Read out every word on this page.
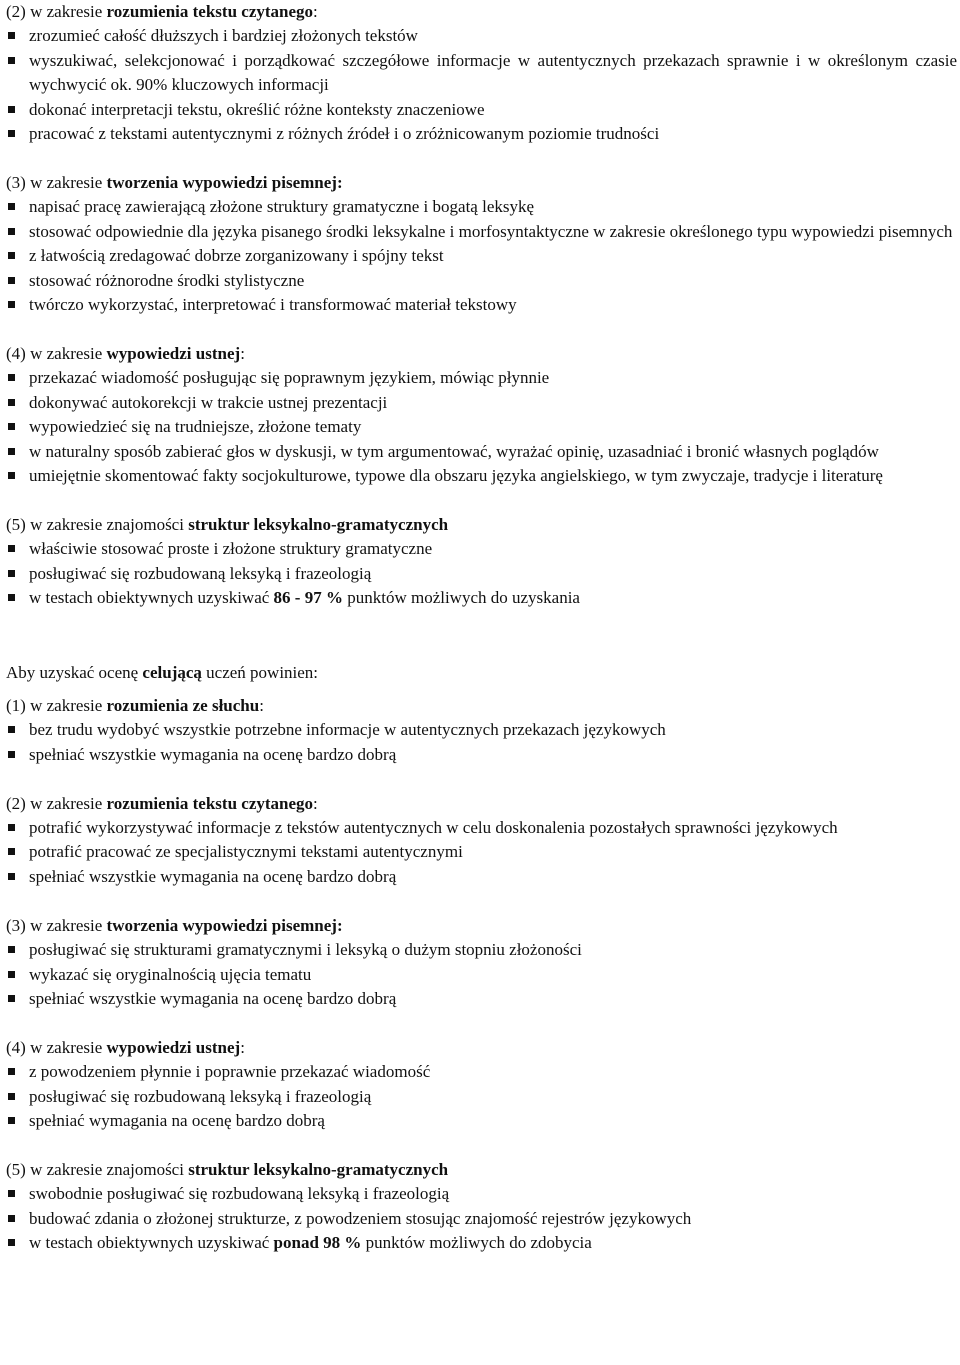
(2) w zakresie rozumienia tekstu czytanego:

zrozumieć całość dłuższych i bardziej złożonych tekstów
wyszukiwać, selekcjonować i porządkować szczegółowe informacje w autentycznych przekazach sprawnie i w określonym czasie wychwycić ok. 90% kluczowych informacji
dokonać interpretacji tekstu, określić różne konteksty znaczeniowe
pracować z tekstami autentycznymi z różnych źródeł i o zróżnicowanym poziomie trudności

(3) w zakresie tworzenia wypowiedzi pisemnej:

napisać pracę zawierającą złożone struktury gramatyczne i bogatą leksykę
stosować odpowiednie dla języka pisanego środki leksykalne i morfosyntaktyczne w zakresie określonego typu wypowiedzi pisemnych
z łatwością zredagować dobrze zorganizowany i spójny tekst
stosować różnorodne środki stylistyczne
twórczo wykorzystać, interpretować i transformować materiał tekstowy

(4) w zakresie wypowiedzi ustnej:

przekazać wiadomość posługując się poprawnym językiem, mówiąc płynnie
dokonywać autokorekcji w trakcie ustnej prezentacji
wypowiedzieć się na trudniejsze, złożone tematy
w naturalny sposób zabierać głos w dyskusji, w tym argumentować, wyrażać opinię, uzasadniać i bronić własnych poglądów
umiejętnie skomentować fakty socjokulturowe, typowe dla obszaru języka angielskiego, w tym zwyczaje, tradycje i literaturę

(5) w zakresie znajomości struktur leksykalno-gramatycznych

właściwie stosować proste i złożone struktury gramatyczne
posługiwać się rozbudowaną leksyką i frazeologią
w testach obiektywnych uzyskiwać 86 - 97 % punktów możliwych do uzyskania

Aby uzyskać ocenę celującą uczeń powinien:

(1) w zakresie rozumienia ze słuchu:

bez trudu wydobyć wszystkie potrzebne informacje w autentycznych przekazach językowych
spełniać wszystkie wymagania na ocenę bardzo dobrą

(2) w zakresie rozumienia tekstu czytanego:

potrafić wykorzystywać informacje z tekstów autentycznych w celu doskonalenia pozostałych sprawności językowych
potrafić pracować ze specjalistycznymi tekstami autentycznymi
spełniać wszystkie wymagania na ocenę bardzo dobrą

(3) w zakresie tworzenia wypowiedzi pisemnej:

posługiwać się strukturami gramatycznymi i leksyką o dużym stopniu złożoności
wykazać się oryginalnością ujęcia tematu
spełniać wszystkie wymagania na ocenę bardzo dobrą

(4) w zakresie wypowiedzi ustnej:

z powodzeniem płynnie i poprawnie przekazać wiadomość
posługiwać się rozbudowaną leksyką i frazeologią
spełniać wymagania na ocenę bardzo dobrą

(5) w zakresie znajomości struktur leksykalno-gramatycznych

swobodnie posługiwać się rozbudowaną leksyką i frazeologią
budować zdania o złożonej strukturze, z powodzeniem stosując znajomość rejestrów językowych
w testach obiektywnych uzyskiwać ponad 98 % punktów możliwych do zdobycia
